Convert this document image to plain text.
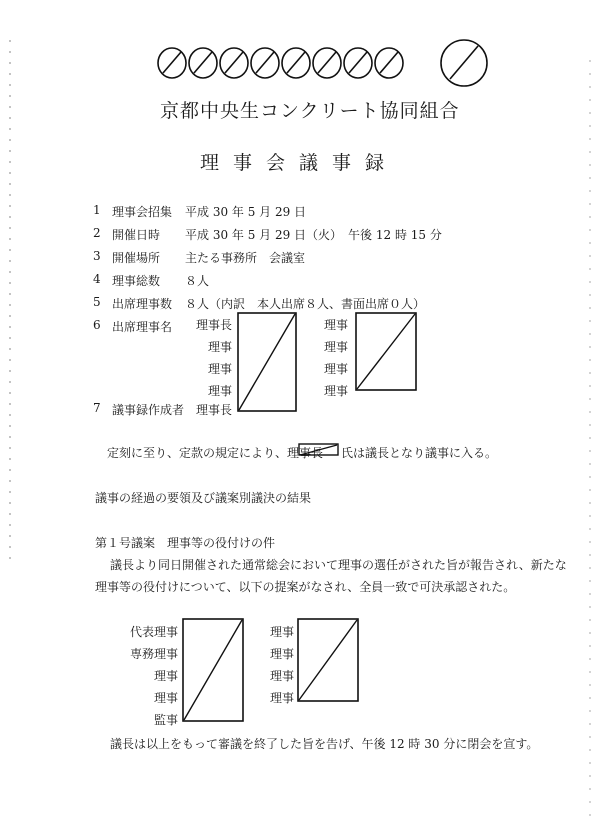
京都中央生コンクリート協同組合
理事会議事録
1 理事会招集 平成 30 年 5 月 29 日
2 開催日時 平成 30 年 5 月 29 日（火）　午後 12 時 15 分
3 開催場所 主たる事務所　会議室
4 理事総数 ８人
5 出席理事数 ８人（内訳　本人出席８人、書面出席０人）
6 出席理事名 理事長
理事
理事
理事
理事
理事
理事
理事
7 議事録作成者 理事長
定刻に至り、定款の規定により、理事長 氏は議長となり議事に入る。
議事の経過の要領及び議案別議決の結果
第１号議案　理事等の役付けの件
議長より同日開催された通常総会において理事の選任がされた旨が報告され、新たな
理事等の役付けについて、以下の提案がなされ、全員一致で可決承認された。
代表理事
専務理事
理事
理事
監事
理事
理事
理事
理事
議長は以上をもって審議を終了した旨を告げ、午後 12 時 30 分に閉会を宣す。
